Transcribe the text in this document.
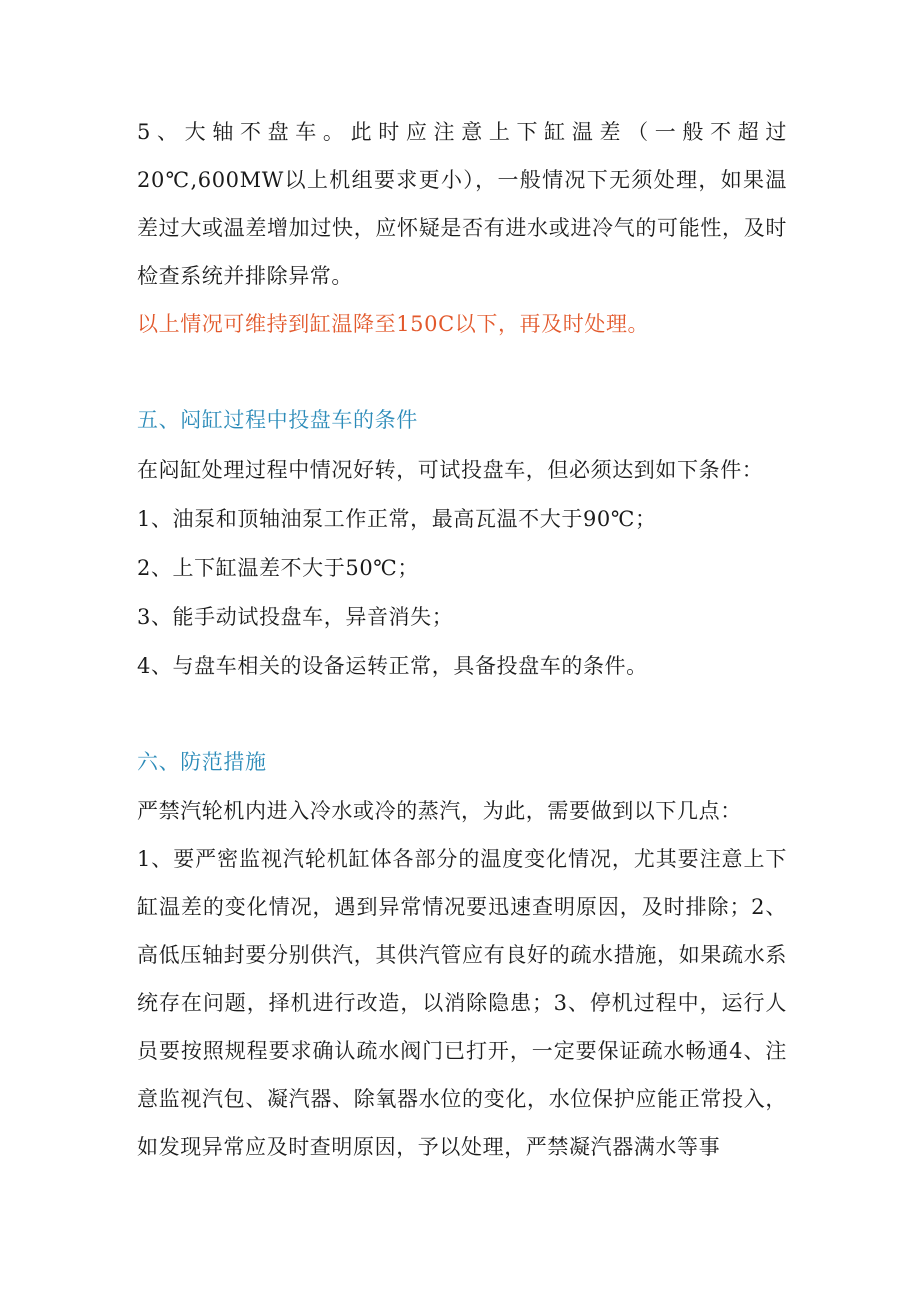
5、大轴不盘车。此时应注意上下缸温差（一般不超过20℃,600MW以上机组要求更小），一般情况下无须处理，如果温差过大或温差增加过快，应怀疑是否有进水或进冷气的可能性，及时检查系统并排除异常。

以上情况可维持到缸温降至150C以下，再及时处理。

五、闷缸过程中投盘车的条件

在闷缸处理过程中情况好转，可试投盘车，但必须达到如下条件：

1、油泵和顶轴油泵工作正常，最高瓦温不大于90℃；

2、上下缸温差不大于50℃；

3、能手动试投盘车，异音消失；

4、与盘车相关的设备运转正常，具备投盘车的条件。

六、防范措施

严禁汽轮机内进入冷水或冷的蒸汽，为此，需要做到以下几点：

1、要严密监视汽轮机缸体各部分的温度变化情况，尤其要注意上下缸温差的变化情况，遇到异常情况要迅速查明原因，及时排除；2、高低压轴封要分别供汽，其供汽管应有良好的疏水措施，如果疏水系统存在问题，择机进行改造，以消除隐患；3、停机过程中，运行人员要按照规程要求确认疏水阀门已打开，一定要保证疏水畅通4、注意监视汽包、凝汽器、除氧器水位的变化，水位保护应能正常投入，如发现异常应及时查明原因，予以处理，严禁凝汽器满水等事
